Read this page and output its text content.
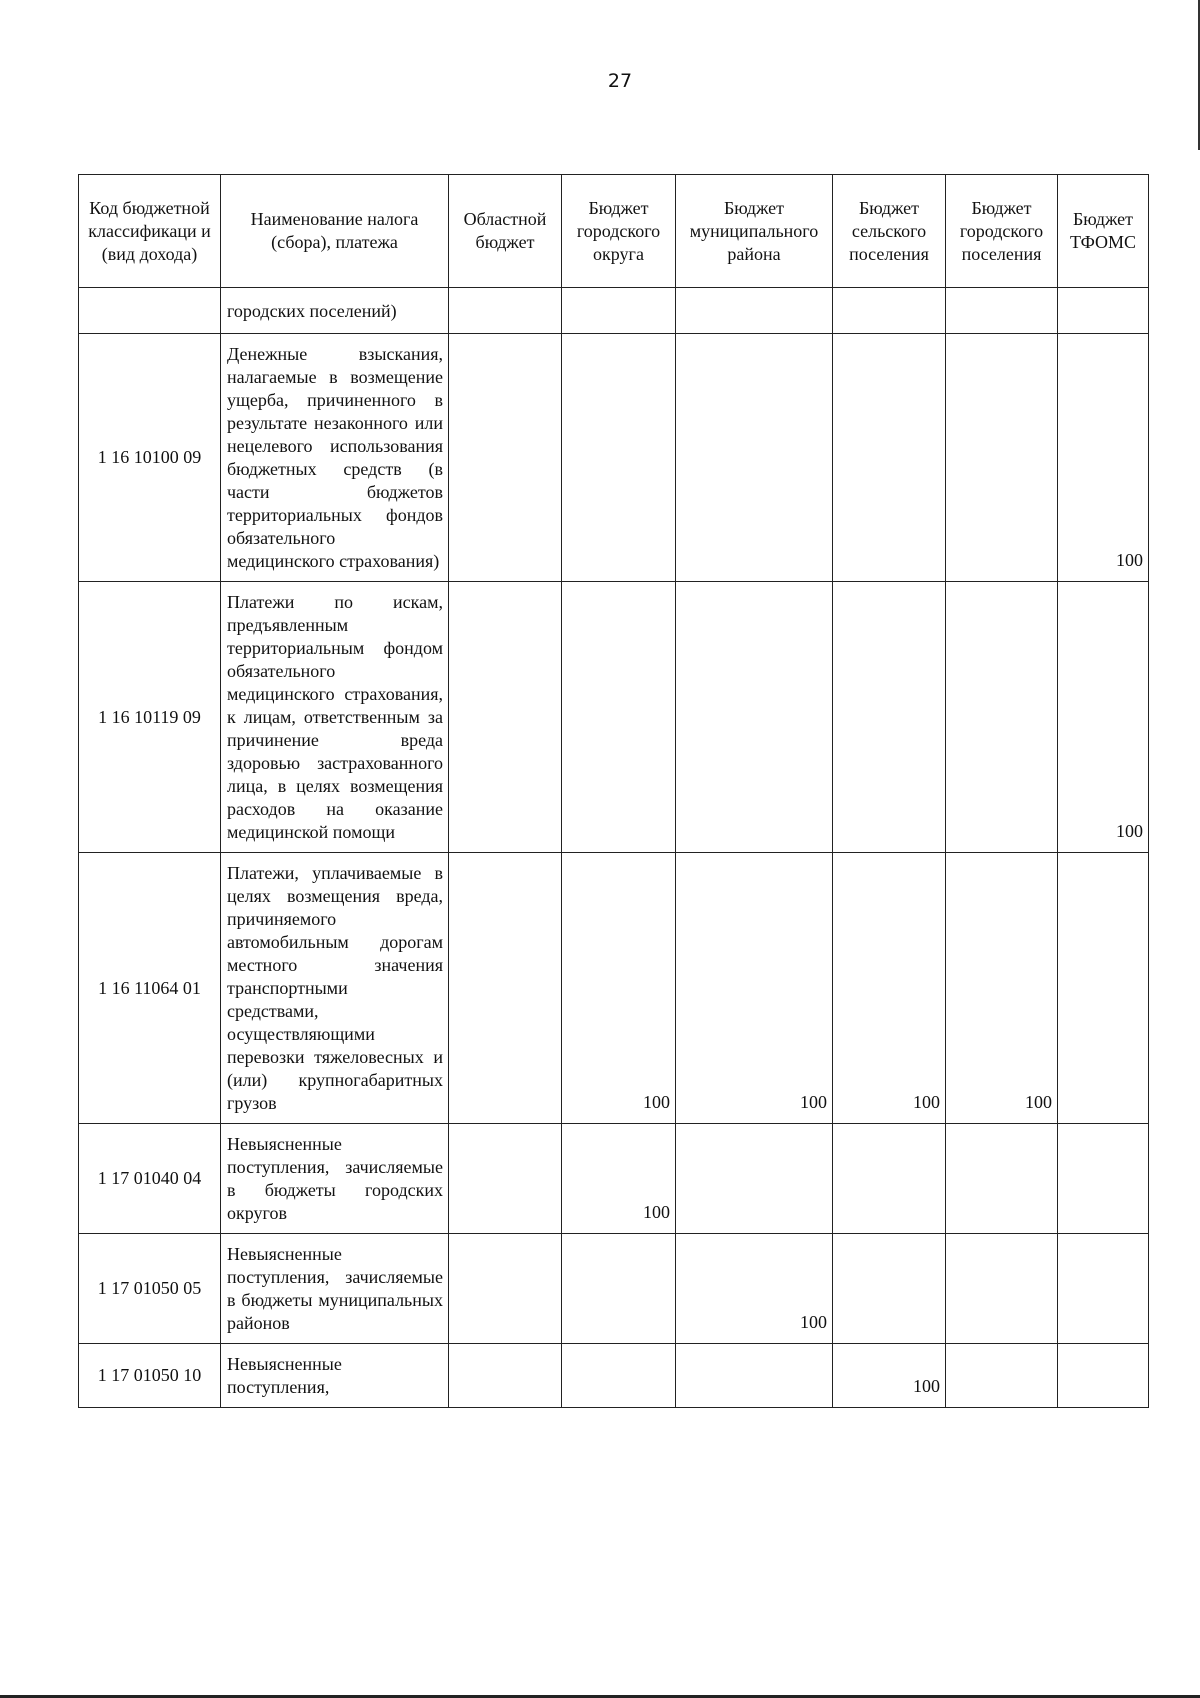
27
Код бюджетной классификаци и (вид дохода)	Наименование налога (сбора), платежа	Областной бюджет	Бюджет городского округа	Бюджет муниципального района	Бюджет сельского поселения	Бюджет городского поселения	Бюджет ТФОМС
	городских поселений)						
1 16 10100 09	Денежные взыскания, налагаемые в возмещение ущерба, причиненного в результате незаконного или нецелевого использования бюджетных средств (в части бюджетов территориальных фондов обязательного медицинского страхования)						100
1 16 10119 09	Платежи по искам, предъявленным территориальным фондом обязательного медицинского страхования, к лицам, ответственным за причинение вреда здоровью застрахованного лица, в целях возмещения расходов на оказание медицинской помощи						100
1 16 11064 01	Платежи, уплачиваемые в целях возмещения вреда, причиняемого автомобильным дорогам местного значения транспортными средствами, осуществляющими перевозки тяжеловесных и (или) крупногабаритных грузов		100	100	100	100	
1 17 01040 04	Невыясненные поступления, зачисляемые в бюджеты городских округов		100				
1 17 01050 05	Невыясненные поступления, зачисляемые в бюджеты муниципальных районов			100			
1 17 01050 10	Невыясненные поступления,				100		
